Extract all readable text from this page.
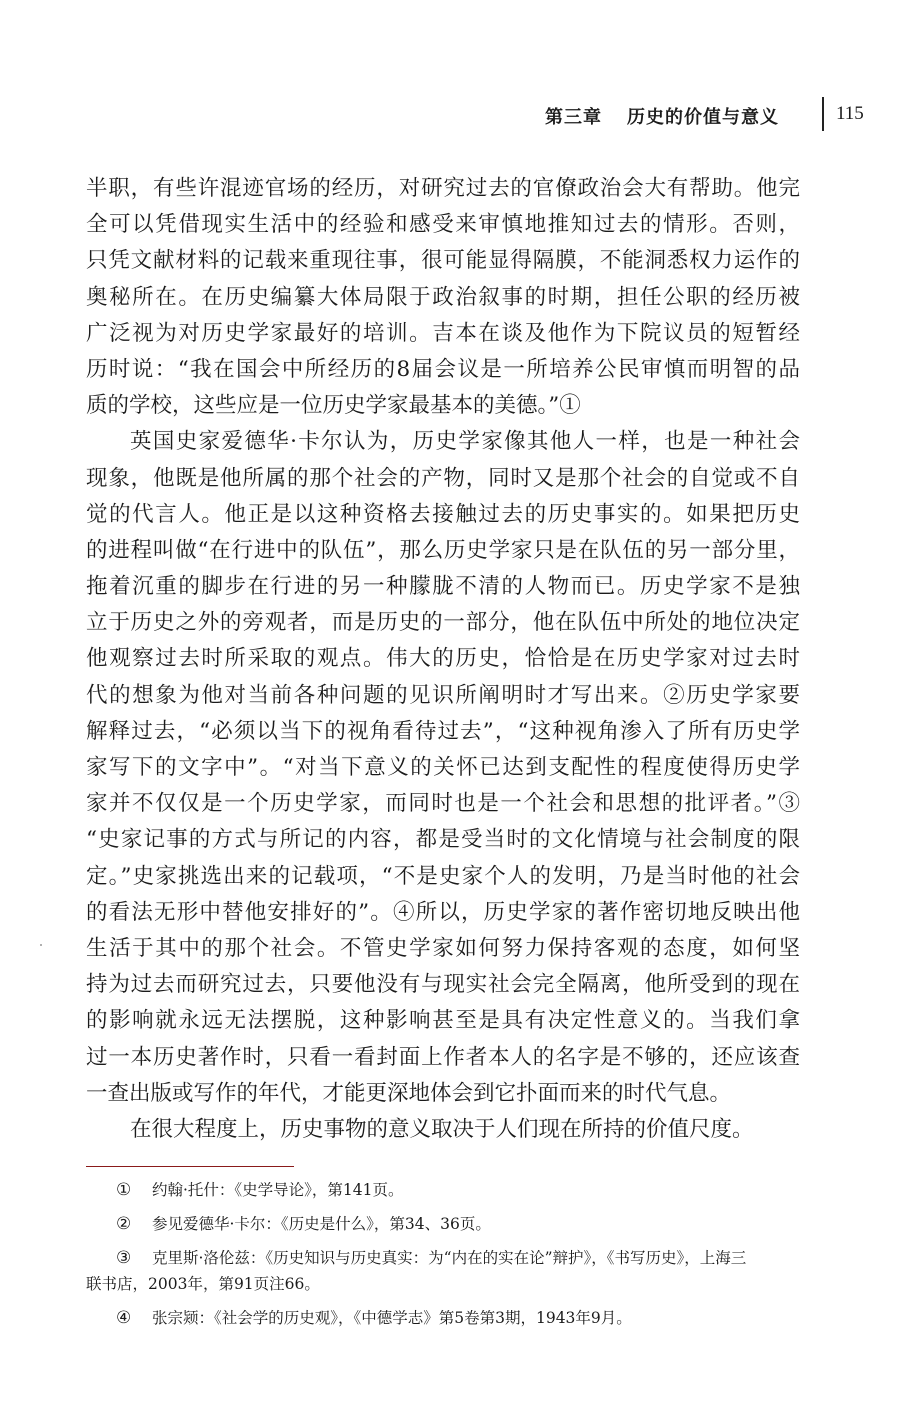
第三章 历史的价值与意义	115
半职，有些许混迹官场的经历，对研究过去的官僚政治会大有帮助。他完
全可以凭借现实生活中的经验和感受来审慎地推知过去的情形。否则，
只凭文献材料的记载来重现往事，很可能显得隔膜，不能洞悉权力运作的
奥秘所在。在历史编纂大体局限于政治叙事的时期，担任公职的经历被
广泛视为对历史学家最好的培训。吉本在谈及他作为下院议员的短暂经
历时说：“我在国会中所经历的8届会议是一所培养公民审慎而明智的品
质的学校，这些应是一位历史学家最基本的美德。”①
英国史家爱德华·卡尔认为，历史学家像其他人一样，也是一种社会
现象，他既是他所属的那个社会的产物，同时又是那个社会的自觉或不自
觉的代言人。他正是以这种资格去接触过去的历史事实的。如果把历史
的进程叫做“在行进中的队伍”，那么历史学家只是在队伍的另一部分里，
拖着沉重的脚步在行进的另一种朦胧不清的人物而已。历史学家不是独
立于历史之外的旁观者，而是历史的一部分，他在队伍中所处的地位决定
他观察过去时所采取的观点。伟大的历史，恰恰是在历史学家对过去时
代的想象为他对当前各种问题的见识所阐明时才写出来。②历史学家要
解释过去，“必须以当下的视角看待过去”，“这种视角渗入了所有历史学
家写下的文字中”。“对当下意义的关怀已达到支配性的程度使得历史学
家并不仅仅是一个历史学家，而同时也是一个社会和思想的批评者。”③
“史家记事的方式与所记的内容，都是受当时的文化情境与社会制度的限
定。”史家挑选出来的记载项，“不是史家个人的发明，乃是当时他的社会
的看法无形中替他安排好的”。④所以，历史学家的著作密切地反映出他
生活于其中的那个社会。不管史学家如何努力保持客观的态度，如何坚
持为过去而研究过去，只要他没有与现实社会完全隔离，他所受到的现在
的影响就永远无法摆脱，这种影响甚至是具有决定性意义的。当我们拿
过一本历史著作时，只看一看封面上作者本人的名字是不够的，还应该查
一查出版或写作的年代，才能更深地体会到它扑面而来的时代气息。
在很大程度上，历史事物的意义取决于人们现在所持的价值尺度。
① 约翰·托什：《史学导论》，第141页。
② 参见爱德华·卡尔：《历史是什么》，第34、36页。
③ 克里斯·洛伦兹：《历史知识与历史真实：为“内在的实在论”辩护》，《书写历史》，上海三
联书店，2003年，第91页注66。
④ 张宗颎：《社会学的历史观》，《中德学志》第5卷第3期，1943年9月。
